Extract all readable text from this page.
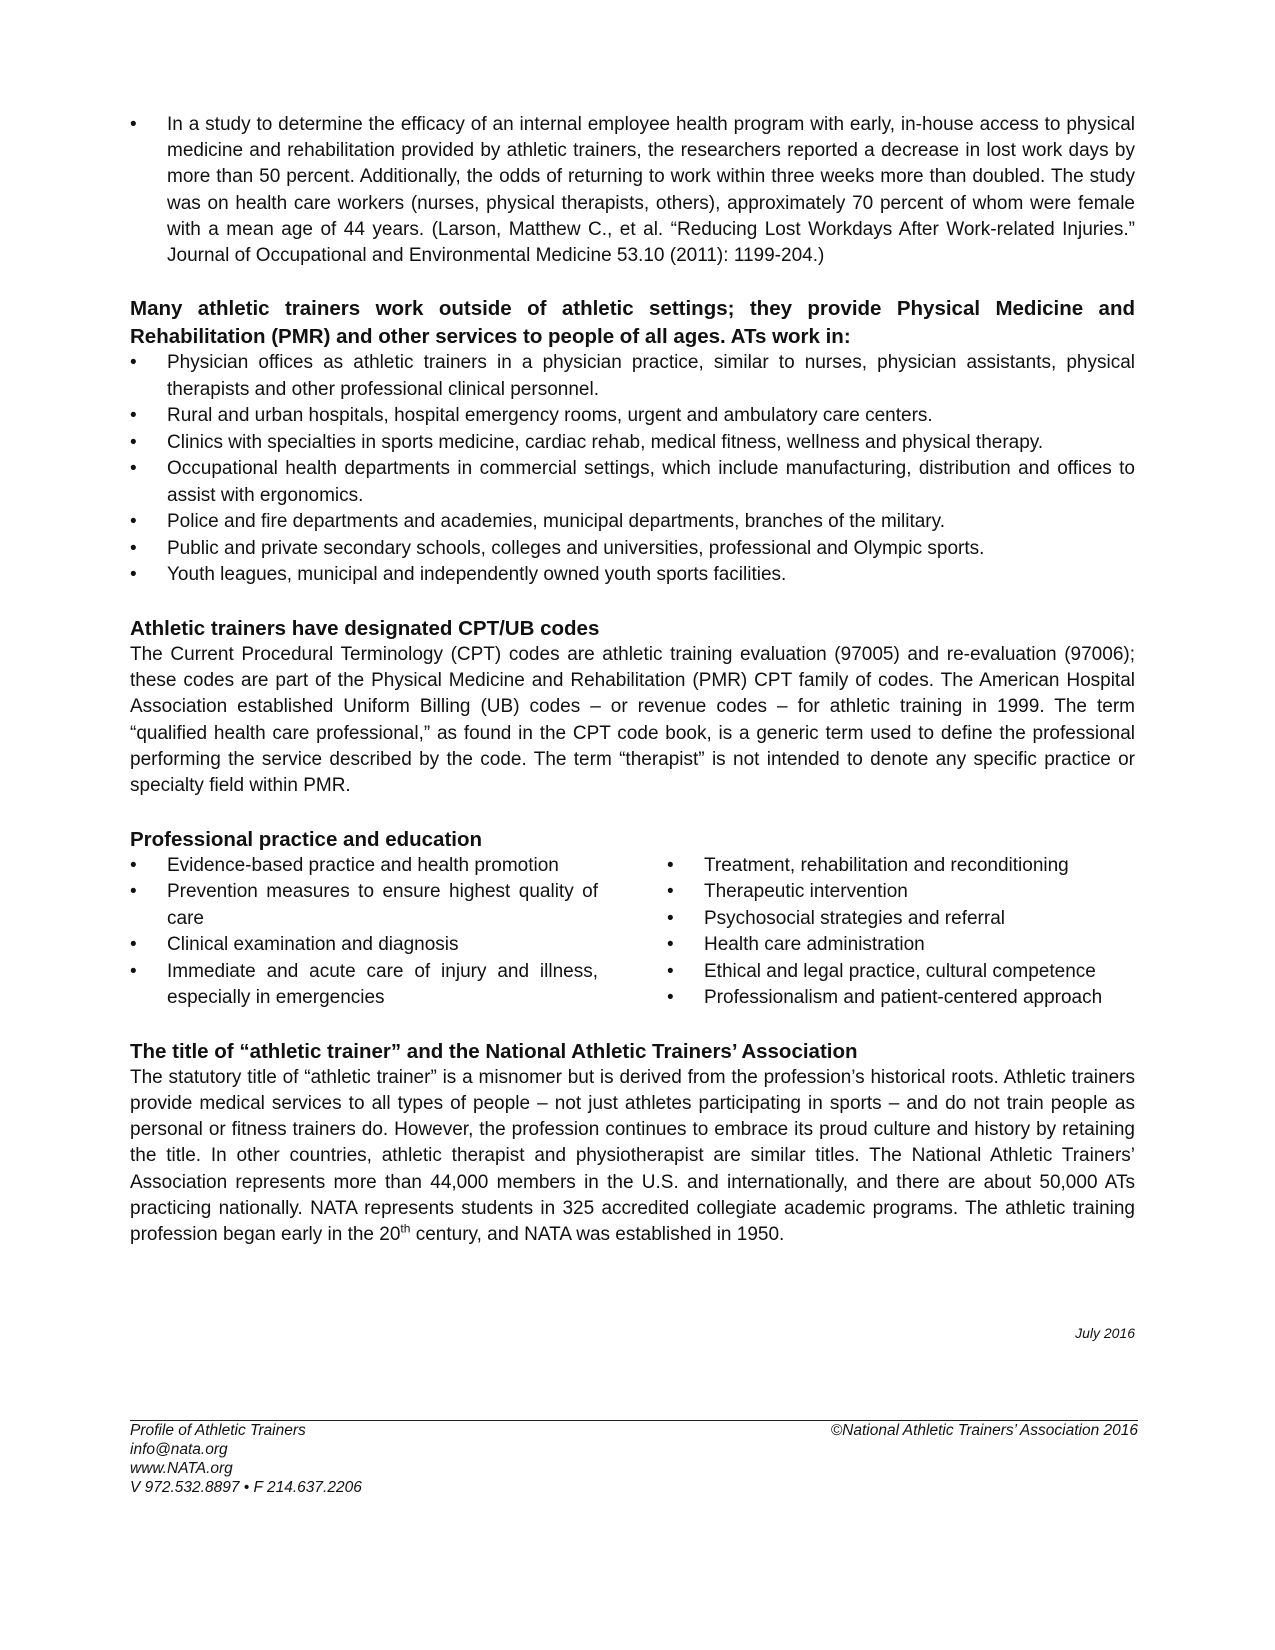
• In a study to determine the efficacy of an internal employee health program with early, in-house access to physical medicine and rehabilitation provided by athletic trainers, the researchers reported a decrease in lost work days by more than 50 percent. Additionally, the odds of returning to work within three weeks more than doubled. The study was on health care workers (nurses, physical therapists, others), approximately 70 percent of whom were female with a mean age of 44 years. (Larson, Matthew C., et al. “Reducing Lost Workdays After Work-related Injuries.” Journal of Occupational and Environmental Medicine 53.10 (2011): 1199-204.)

Many athletic trainers work outside of athletic settings; they provide Physical Medicine and Rehabilitation (PMR) and other services to people of all ages. ATs work in:

• Physician offices as athletic trainers in a physician practice, similar to nurses, physician assistants, physical therapists and other professional clinical personnel.
• Rural and urban hospitals, hospital emergency rooms, urgent and ambulatory care centers.
• Clinics with specialties in sports medicine, cardiac rehab, medical fitness, wellness and physical therapy.
• Occupational health departments in commercial settings, which include manufacturing, distribution and offices to assist with ergonomics.
• Police and fire departments and academies, municipal departments, branches of the military.
• Public and private secondary schools, colleges and universities, professional and Olympic sports.
• Youth leagues, municipal and independently owned youth sports facilities.

Athletic trainers have designated CPT/UB codes

The Current Procedural Terminology (CPT) codes are athletic training evaluation (97005) and re-evaluation (97006); these codes are part of the Physical Medicine and Rehabilitation (PMR) CPT family of codes. The American Hospital Association established Uniform Billing (UB) codes – or revenue codes – for athletic training in 1999. The term “qualified health care professional,” as found in the CPT code book, is a generic term used to define the professional performing the service described by the code. The term “therapist” is not intended to denote any specific practice or specialty field within PMR.

Professional practice and education

• Evidence-based practice and health promotion
• Prevention measures to ensure highest quality of care
• Clinical examination and diagnosis
• Immediate and acute care of injury and illness, especially in emergencies
• Treatment, rehabilitation and reconditioning
• Therapeutic intervention
• Psychosocial strategies and referral
• Health care administration
• Ethical and legal practice, cultural competence
• Professionalism and patient-centered approach

The title of “athletic trainer” and the National Athletic Trainers’ Association

The statutory title of “athletic trainer” is a misnomer but is derived from the profession’s historical roots. Athletic trainers provide medical services to all types of people – not just athletes participating in sports – and do not train people as personal or fitness trainers do. However, the profession continues to embrace its proud culture and history by retaining the title. In other countries, athletic therapist and physiotherapist are similar titles. The National Athletic Trainers’ Association represents more than 44,000 members in the U.S. and internationally, and there are about 50,000 ATs practicing nationally. NATA represents students in 325 accredited collegiate academic programs. The athletic training profession began early in the 20th century, and NATA was established in 1950.

July 2016
Profile of Athletic Trainers	©National Athletic Trainers’ Association 2016
info@nata.org
www.NATA.org
V 972.532.8897 • F 214.637.2206
